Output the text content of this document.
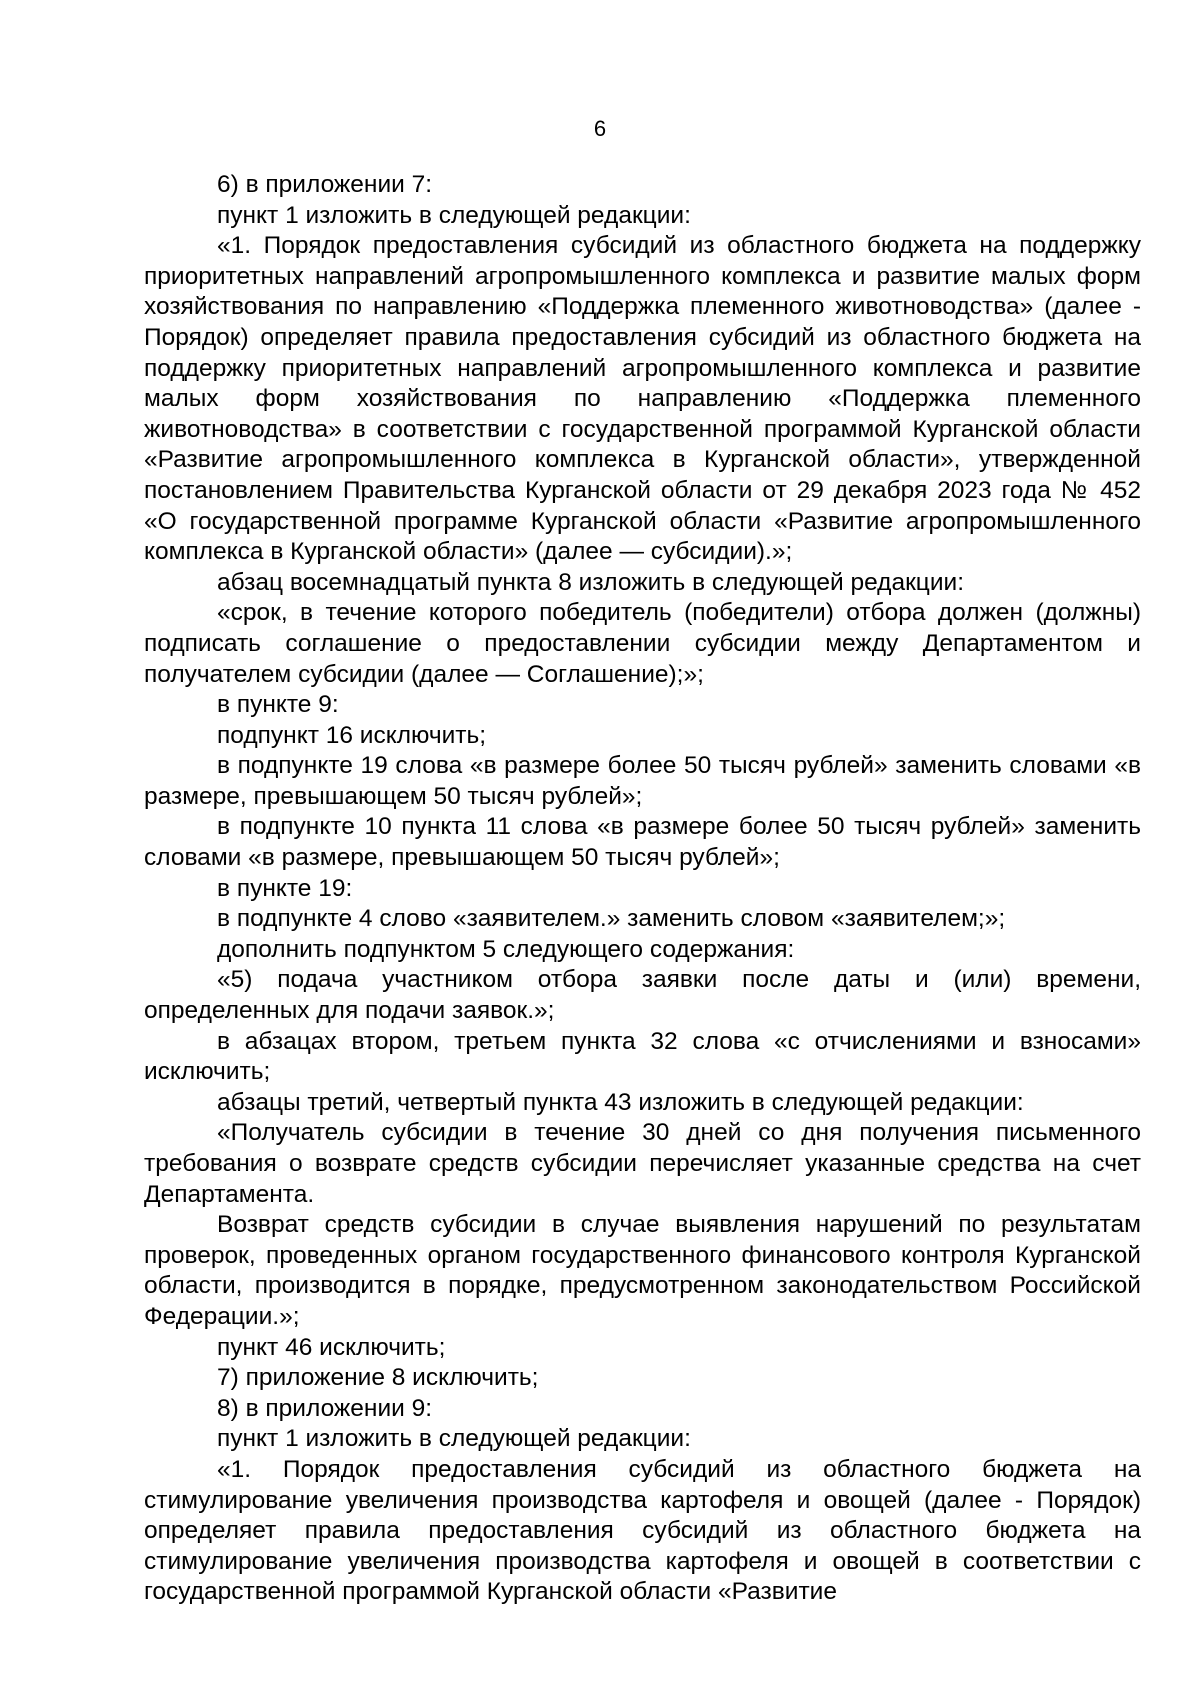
6

6) в приложении 7:

пункт 1 изложить в следующей редакции:

«1. Порядок предоставления субсидий из областного бюджета на поддержку приоритетных направлений агропромышленного комплекса и развитие малых форм хозяйствования по направлению «Поддержка племенного животноводства» (далее - Порядок) определяет правила предоставления субсидий из областного бюджета на поддержку приоритетных направлений агропромышленного комплекса и развитие малых форм хозяйствования по направлению «Поддержка племенного животноводства» в соответствии с государственной программой Курганской области «Развитие агропромышленного комплекса в Курганской области», утвержденной постановлением Правительства Курганской области от 29 декабря 2023 года № 452 «О государственной программе Курганской области «Развитие агропромышленного комплекса в Курганской области» (далее — субсидии).»;

абзац восемнадцатый пункта 8 изложить в следующей редакции:

«срок, в течение которого победитель (победители) отбора должен (должны) подписать соглашение о предоставлении субсидии между Департаментом и получателем субсидии (далее — Соглашение);»;

в пункте 9:

подпункт 16 исключить;

в подпункте 19 слова «в размере более 50 тысяч рублей» заменить словами «в размере, превышающем 50 тысяч рублей»;

в подпункте 10 пункта 11 слова «в размере более 50 тысяч рублей» заменить словами «в размере, превышающем 50 тысяч рублей»;

в пункте 19:

в подпункте 4 слово «заявителем.» заменить словом «заявителем;»;

дополнить подпунктом 5 следующего содержания:

«5) подача участником отбора заявки после даты и (или) времени, определенных для подачи заявок.»;

в абзацах втором, третьем пункта 32 слова «с отчислениями и взносами» исключить;

абзацы третий, четвертый пункта 43 изложить в следующей редакции:

«Получатель субсидии в течение 30 дней со дня получения письменного требования о возврате средств субсидии перечисляет указанные средства на счет Департамента.

Возврат средств субсидии в случае выявления нарушений по результатам проверок, проведенных органом государственного финансового контроля Курганской области, производится в порядке, предусмотренном законодательством Российской Федерации.»;

пункт 46 исключить;

7) приложение 8 исключить;

8) в приложении 9:

пункт 1 изложить в следующей редакции:

«1. Порядок предоставления субсидий из областного бюджета на стимулирование увеличения производства картофеля и овощей (далее - Порядок) определяет правила предоставления субсидий из областного бюджета на стимулирование увеличения производства картофеля и овощей в соответствии с государственной программой Курганской области «Развитие
